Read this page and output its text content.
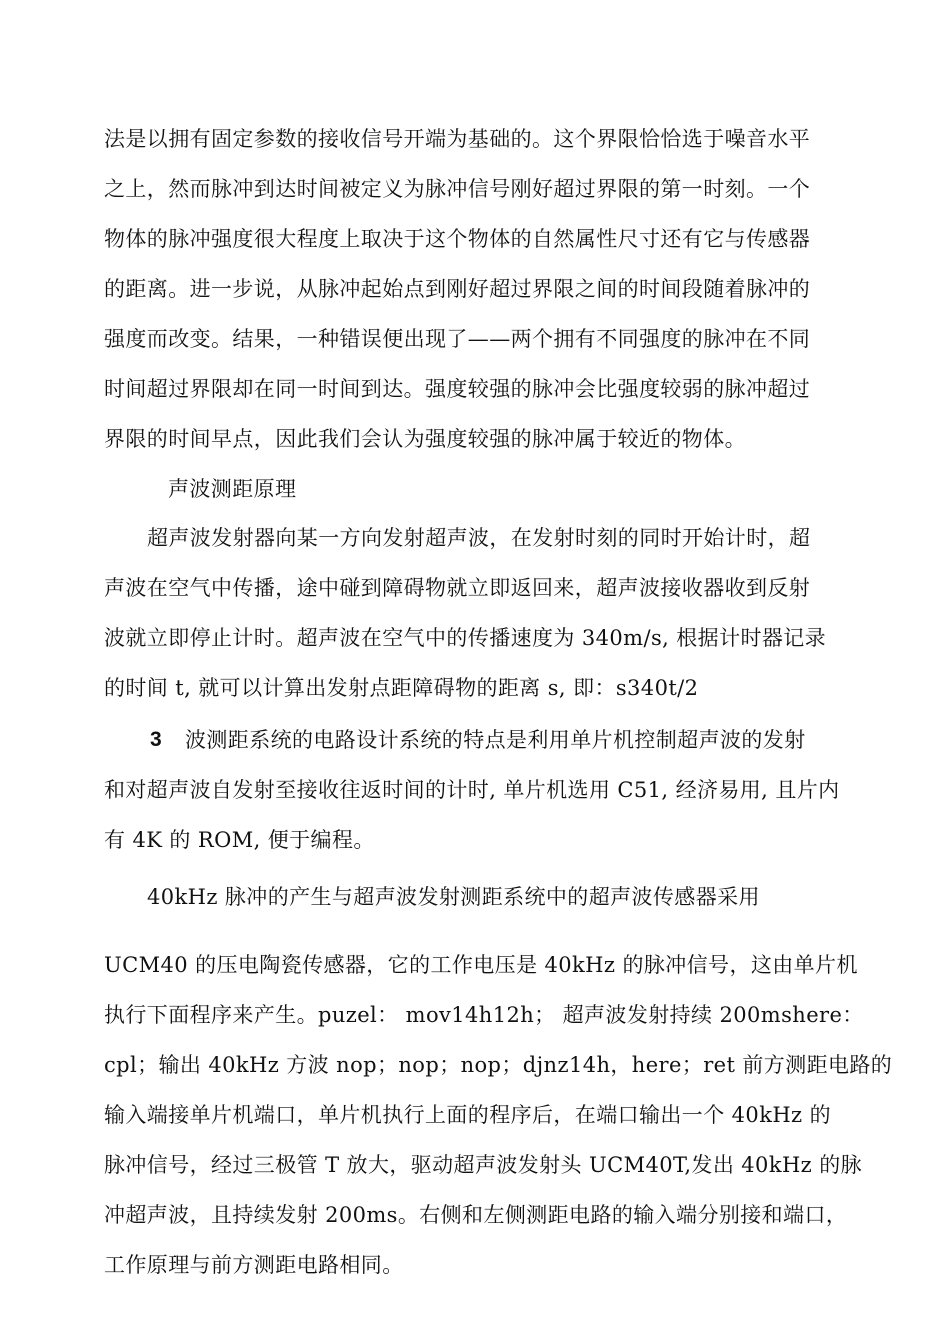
法是以拥有固定参数的接收信号开端为基础的。这个界限恰恰选于噪音水平
之上，然而脉冲到达时间被定义为脉冲信号刚好超过界限的第一时刻。一个
物体的脉冲强度很大程度上取决于这个物体的自然属性尺寸还有它与传感器
的距离。进一步说，从脉冲起始点到刚好超过界限之间的时间段随着脉冲的
强度而改变。结果，一种错误便出现了——两个拥有不同强度的脉冲在不同
时间超过界限却在同一时间到达。强度较强的脉冲会比强度较弱的脉冲超过
界限的时间早点，因此我们会认为强度较强的脉冲属于较近的物体。
声波测距原理
超声波发射器向某一方向发射超声波，在发射时刻的同时开始计时，超
声波在空气中传播，途中碰到障碍物就立即返回来，超声波接收器收到反射
波就立即停止计时。超声波在空气中的传播速度为 340m/s, 根据计时器记录
的时间 t, 就可以计算出发射点距障碍物的距离 s, 即：s340t/2
3 波测距系统的电路设计系统的特点是利用单片机控制超声波的发射
和对超声波自发射至接收往返时间的计时, 单片机选用 C51, 经济易用, 且片内
有 4K 的 ROM, 便于编程。
40kHz 脉冲的产生与超声波发射测距系统中的超声波传感器采用
UCM40 的压电陶瓷传感器，它的工作电压是 40kHz 的脉冲信号，这由单片机
执行下面程序来产生。puzel： mov14h12h； 超声波发射持续 200mshere：
cpl；输出 40kHz 方波 nop；nop；nop；djnz14h，here；ret 前方测距电路的
输入端接单片机端口，单片机执行上面的程序后，在端口输出一个 40kHz 的
脉冲信号，经过三极管 T 放大，驱动超声波发射头 UCM40T,发出 40kHz 的脉
冲超声波，且持续发射 200ms。右侧和左侧测距电路的输入端分别接和端口，
工作原理与前方测距电路相同。
